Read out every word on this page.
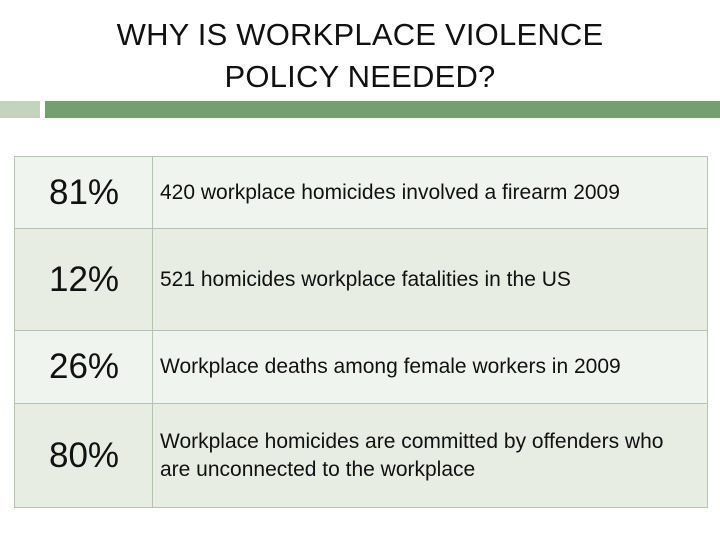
WHY IS WORKPLACE VIOLENCE POLICY NEEDED?
81%	420 workplace homicides involved a firearm 2009
12%	521 homicides workplace fatalities in the US
26%	Workplace deaths among female workers in 2009
80%	Workplace homicides are committed by offenders who are unconnected to the workplace
